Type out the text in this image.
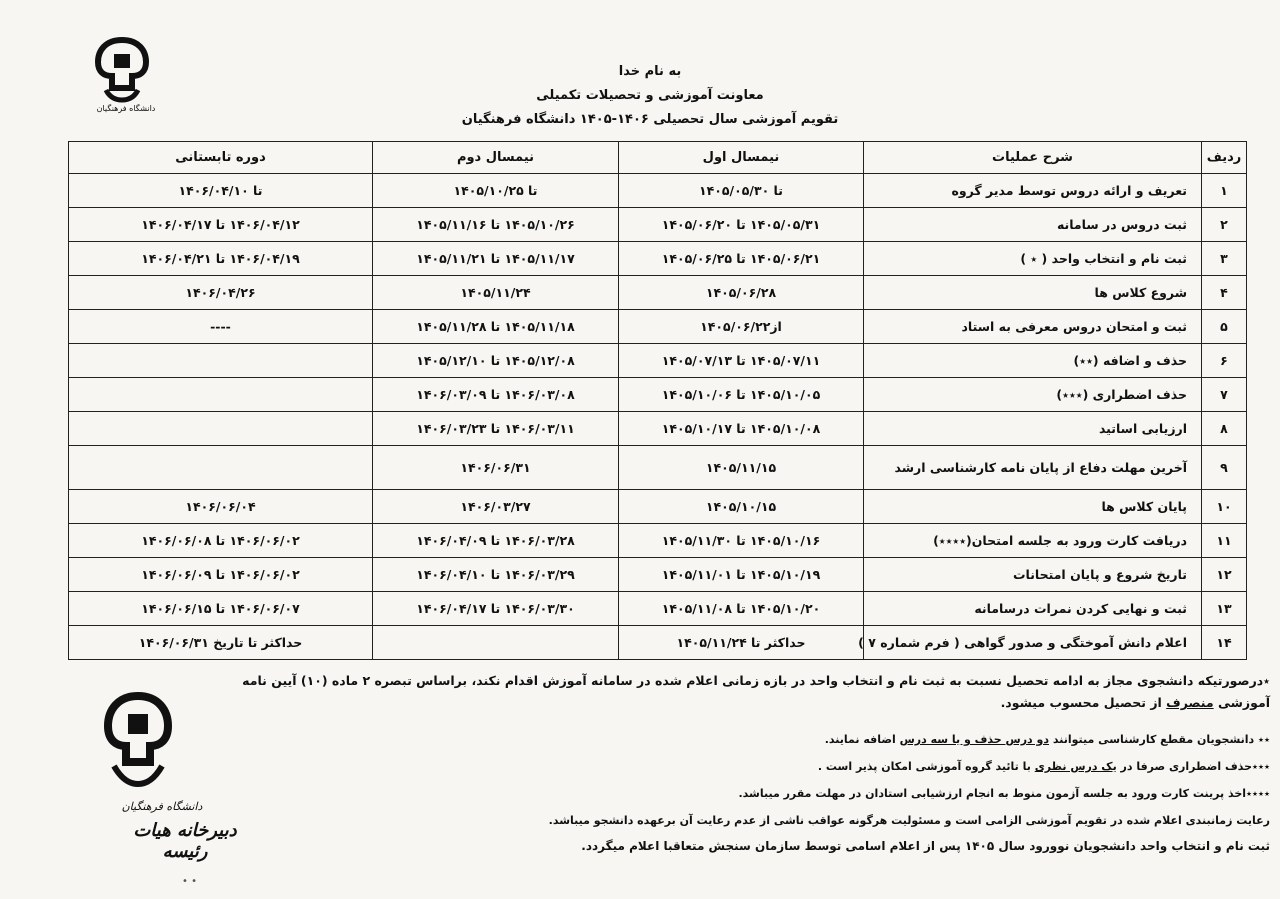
دانشگاه فرهنگیان
به نام خدا
معاونت آموزشی و تحصیلات تکمیلی
تقویم آموزشی سال تحصیلی ۱۴۰۶-۱۴۰۵ دانشگاه فرهنگیان
ردیف	شرح عملیات	نیمسال اول	نیمسال دوم	دوره تابستانی
۱	تعریف و ارائه دروس توسط مدیر گروه	تا ۱۴۰۵/۰۵/۳۰	تا ۱۴۰۵/۱۰/۲۵	تا ۱۴۰۶/۰۴/۱۰
۲	ثبت دروس در سامانه	۱۴۰۵/۰۵/۳۱ تا ۱۴۰۵/۰۶/۲۰	۱۴۰۵/۱۰/۲۶ تا ۱۴۰۵/۱۱/۱۶	۱۴۰۶/۰۴/۱۲ تا ۱۴۰۶/۰۴/۱۷
۳	ثبت نام و انتخاب واحد ( ٭ )	۱۴۰۵/۰۶/۲۱ تا ۱۴۰۵/۰۶/۲۵	۱۴۰۵/۱۱/۱۷ تا ۱۴۰۵/۱۱/۲۱	۱۴۰۶/۰۴/۱۹ تا ۱۴۰۶/۰۴/۲۱
۴	شروع کلاس ها	۱۴۰۵/۰۶/۲۸	۱۴۰۵/۱۱/۲۴	۱۴۰۶/۰۴/۲۶
۵	ثبت و امتحان دروس معرفی به استاد	از۱۴۰۵/۰۶/۲۲	۱۴۰۵/۱۱/۱۸ تا ۱۴۰۵/۱۱/۲۸	----
۶	حذف و اضافه (٭٭)	۱۴۰۵/۰۷/۱۱ تا ۱۴۰۵/۰۷/۱۳	۱۴۰۵/۱۲/۰۸ تا ۱۴۰۵/۱۲/۱۰	
۷	حذف اضطراری (٭٭٭)	۱۴۰۵/۱۰/۰۵ تا ۱۴۰۵/۱۰/۰۶	۱۴۰۶/۰۳/۰۸ تا ۱۴۰۶/۰۳/۰۹	
۸	ارزیابی اساتید	۱۴۰۵/۱۰/۰۸ تا ۱۴۰۵/۱۰/۱۷	۱۴۰۶/۰۳/۱۱ تا ۱۴۰۶/۰۳/۲۳	
۹	آخرین مهلت دفاع از پایان نامه کارشناسی ارشد	۱۴۰۵/۱۱/۱۵	۱۴۰۶/۰۶/۳۱	
۱۰	پایان کلاس ها	۱۴۰۵/۱۰/۱۵	۱۴۰۶/۰۳/۲۷	۱۴۰۶/۰۶/۰۴
۱۱	دریافت کارت ورود به جلسه امتحان(٭٭٭٭)	۱۴۰۵/۱۰/۱۶ تا ۱۴۰۵/۱۱/۳۰	۱۴۰۶/۰۳/۲۸ تا ۱۴۰۶/۰۴/۰۹	۱۴۰۶/۰۶/۰۲ تا ۱۴۰۶/۰۶/۰۸
۱۲	تاریخ شروع و پایان امتحانات	۱۴۰۵/۱۰/۱۹ تا ۱۴۰۵/۱۱/۰۱	۱۴۰۶/۰۳/۲۹ تا ۱۴۰۶/۰۴/۱۰	۱۴۰۶/۰۶/۰۲ تا ۱۴۰۶/۰۶/۰۹
۱۳	ثبت و نهایی کردن نمرات درسامانه	۱۴۰۵/۱۰/۲۰ تا ۱۴۰۵/۱۱/۰۸	۱۴۰۶/۰۳/۳۰ تا ۱۴۰۶/۰۴/۱۷	۱۴۰۶/۰۶/۰۷ تا ۱۴۰۶/۰۶/۱۵
۱۴	اعلام دانش آموختگی و صدور گواهی ( فرم شماره ۷ )	حداکثر تا ۱۴۰۵/۱۱/۲۴		حداکثر تا تاریخ ۱۴۰۶/۰۶/۳۱

٭درصورتیکه دانشجوی مجاز به ادامه تحصیل نسبت به ثبت نام و انتخاب واحد در بازه زمانی اعلام شده در سامانه آموزش اقدام نکند، براساس تبصره ۲ ماده (۱۰) آیین نامه آموزشی منصرف از تحصیل محسوب میشود.

٭٭ دانشجویان مقطع کارشناسی میتوانند دو درس حذف و یا سه درس اضافه نمایند.

٭٭٭حذف اضطراری صرفا در یک درس نظری با تائید گروه آموزشی امکان پذیر است .

٭٭٭٭اخذ پرینت کارت ورود به جلسه آزمون منوط به انجام ارزشیابی استادان در مهلت مقرر میباشد.

رعایت زمانبندی اعلام شده در تقویم آموزشی الزامی است و مسئولیت هرگونه عواقب ناشی از عدم رعایت آن برعهده دانشجو میباشد.

ثبت نام و انتخاب واحد دانشجویان نوورود سال ۱۴۰۵ پس از اعلام اسامی توسط سازمان سنجش متعاقبا اعلام میگردد.

دانشگاه فرهنگیان
دبیرخانه هیات رئیسه
• •
